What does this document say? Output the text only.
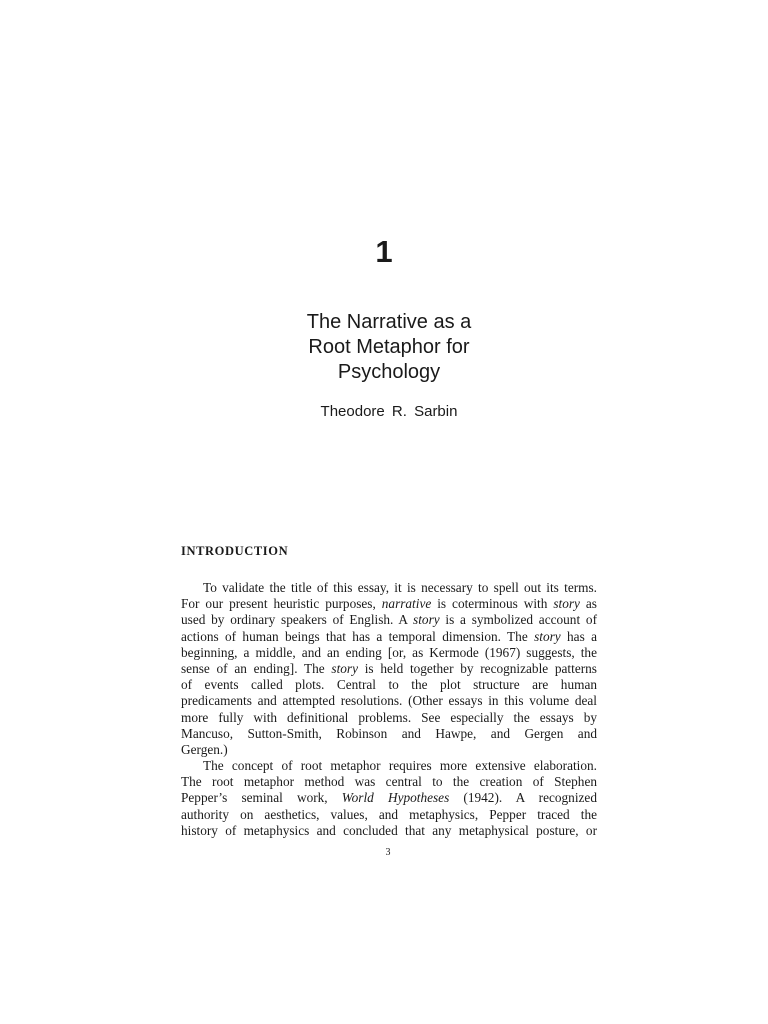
1
The Narrative as a
Root Metaphor for
Psychology
Theodore R. Sarbin
INTRODUCTION
To validate the title of this essay, it is necessary to spell out its terms.
For our present heuristic purposes, narrative is coterminous with story as
used by ordinary speakers of English. A story is a symbolized account of
actions of human beings that has a temporal dimension. The story has a
beginning, a middle, and an ending [or, as Kermode (1967) suggests, the
sense of an ending]. The story is held together by recognizable patterns
of events called plots. Central to the plot structure are human
predicaments and attempted resolutions. (Other essays in this volume deal
more fully with definitional problems. See especially the essays by
Mancuso, Sutton-Smith, Robinson and Hawpe, and Gergen and
Gergen.)
The concept of root metaphor requires more extensive elaboration.
The root metaphor method was central to the creation of Stephen
Pepper’s seminal work, World Hypotheses (1942). A recognized
authority on aesthetics, values, and metaphysics, Pepper traced the
history of metaphysics and concluded that any metaphysical posture, or
3
